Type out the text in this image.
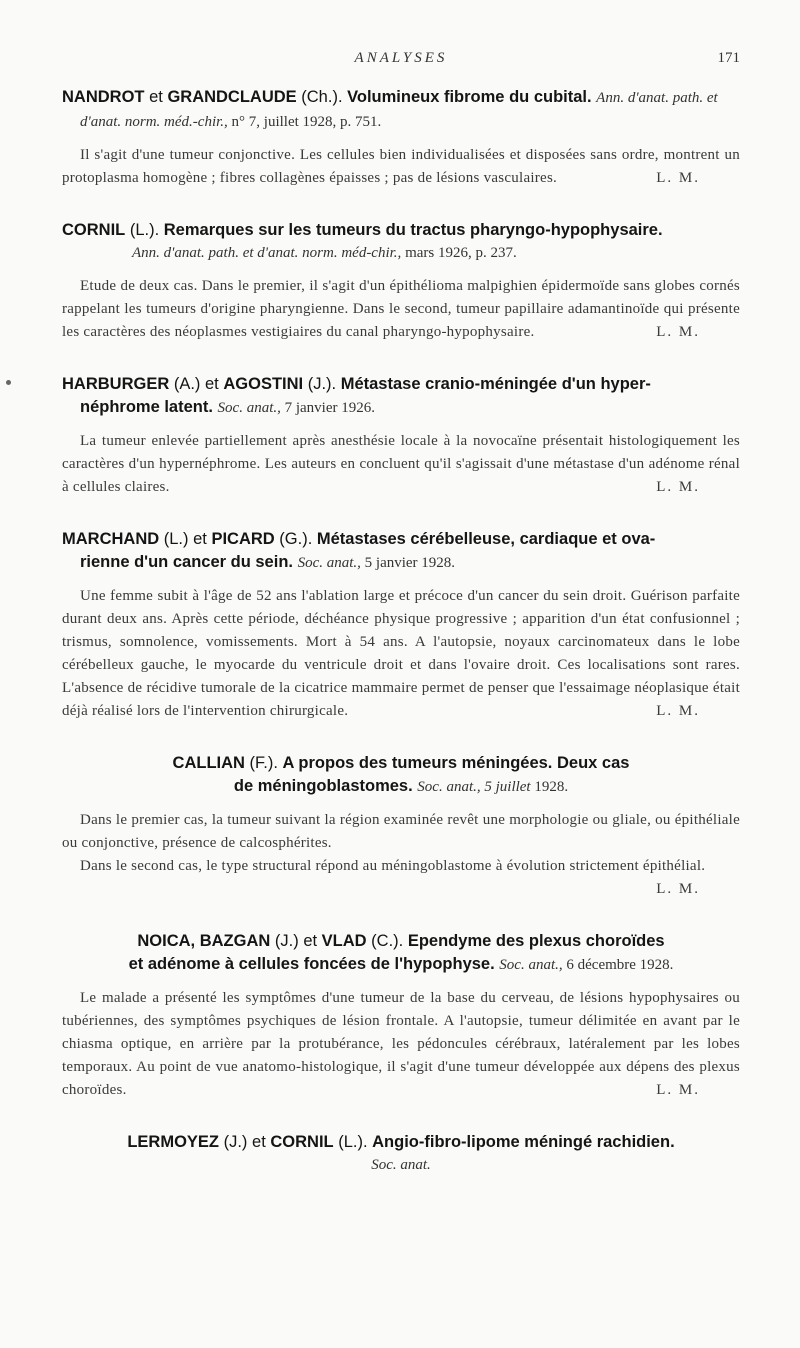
ANALYSES	171
NANDROT et GRANDCLAUDE (Ch.). Volumineux fibrome du cubital. Ann. d'anat. path. et d'anat. norm. méd.-chir., n° 7, juillet 1928, p. 751.
Il s'agit d'une tumeur conjonctive. Les cellules bien individualisées et disposées sans ordre, montrent un protoplasma homogène ; fibres collagènes épaisses ; pas de lésions vasculaires.	L. M.
CORNIL (L.). Remarques sur les tumeurs du tractus pharyngo-hypophysaire.
Ann. d'anat. path. et d'anat. norm. méd-chir., mars 1926, p. 237.
Etude de deux cas. Dans le premier, il s'agit d'un épithélioma malpighien épidermoïde sans globes cornés rappelant les tumeurs d'origine pharyngienne. Dans le second, tumeur papillaire adamantinoïde qui présente les caractères des néoplasmes vestigiaires du canal pharyngo-hypophysaire.	L. M.
HARBURGER (A.) et AGOSTINI (J.). Métastase cranio-méningée d'un hyper-
néphrome latent. Soc. anat., 7 janvier 1926.
La tumeur enlevée partiellement après anesthésie locale à la novocaïne présentait histologiquement les caractères d'un hypernéphrome. Les auteurs en concluent qu'il s'agissait d'une métastase d'un adénome rénal à cellules claires.	L. M.
MARCHAND (L.) et PICARD (G.). Métastases cérébelleuse, cardiaque et ova-
rienne d'un cancer du sein. Soc. anat., 5 janvier 1928.
Une femme subit à l'âge de 52 ans l'ablation large et précoce d'un cancer du sein droit. Guérison parfaite durant deux ans. Après cette période, déchéance physique progressive ; apparition d'un état confusionnel ; trismus, somnolence, vomissements. Mort à 54 ans. A l'autopsie, noyaux carcinomateux dans le lobe cérébelleux gauche, le myocarde du ventricule droit et dans l'ovaire droit. Ces localisations sont rares. L'absence de récidive tumorale de la cicatrice mammaire permet de penser que l'essaimage néoplasique était déjà réalisé lors de l'intervention chirurgicale.	L. M.
CALLIAN (F.). A propos des tumeurs méningées. Deux cas
de méningoblastomes. Soc. anat., 5 juillet 1928.
Dans le premier cas, la tumeur suivant la région examinée revêt une morphologie ou gliale, ou épithéliale ou conjonctive, présence de calcosphérites.
Dans le second cas, le type structural répond au méningoblastome à évolution strictement épithélial.
L. M.
NOICA, BAZGAN (J.) et VLAD (C.). Ependyme des plexus choroïdes
et adénome à cellules foncées de l'hypophyse. Soc. anat., 6 décembre 1928.
Le malade a présenté les symptômes d'une tumeur de la base du cerveau, de lésions hypophysaires ou tubériennes, des symptômes psychiques de lésion frontale. A l'autopsie, tumeur délimitée en avant par le chiasma optique, en arrière par la protubérance, les pédoncules cérébraux, latéralement par les lobes temporaux. Au point de vue anatomo-histologique, il s'agit d'une tumeur développée aux dépens des plexus choroïdes.	L. M.
LERMOYEZ (J.) et CORNIL (L.). Angio-fibro-lipome méningé rachidien.
Soc. anat.
